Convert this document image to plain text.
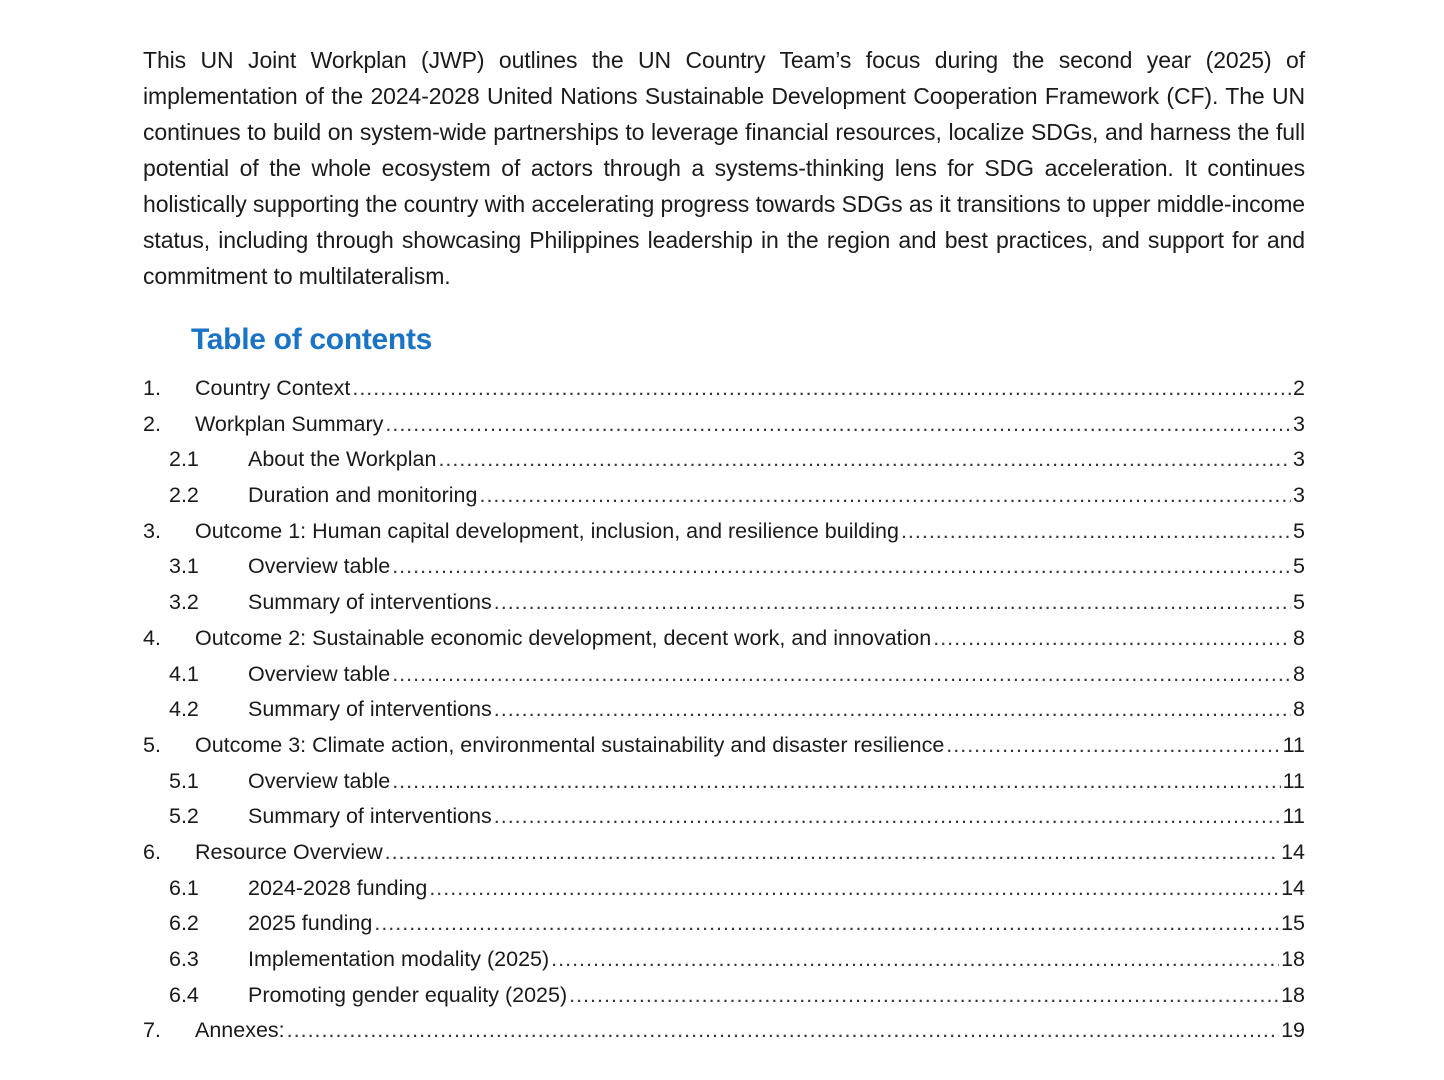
This UN Joint Workplan (JWP) outlines the UN Country Team’s focus during the second year (2025) of implementation of the 2024-2028 United Nations Sustainable Development Cooperation Framework (CF). The UN continues to build on system-wide partnerships to leverage financial resources, localize SDGs, and harness the full potential of the whole ecosystem of actors through a systems-thinking lens for SDG acceleration. It continues holistically supporting the country with accelerating progress towards SDGs as it transitions to upper middle-income status, including through showcasing Philippines leadership in the region and best practices, and support for and commitment to multilateralism.

Table of contents
1.	Country Context .....	2
2.	Workplan Summary .....	3
2.1	About the Workplan .....	3
2.2	Duration and monitoring .....	3
3.	Outcome 1: Human capital development, inclusion, and resilience building .....	5
3.1	Overview table .....	5
3.2	Summary of interventions .....	5
4.	Outcome 2: Sustainable economic development, decent work, and innovation .....	8
4.1	Overview table .....	8
4.2	Summary of interventions .....	8
5.	Outcome 3: Climate action, environmental sustainability and disaster resilience .....	11
5.1	Overview table .....	11
5.2	Summary of interventions .....	11
6.	Resource Overview .....	14
6.1	2024-2028 funding .....	14
6.2	2025 funding .....	15
6.3	Implementation modality (2025) .....	18
6.4	Promoting gender equality (2025) .....	18
7.	Annexes: .....	19
